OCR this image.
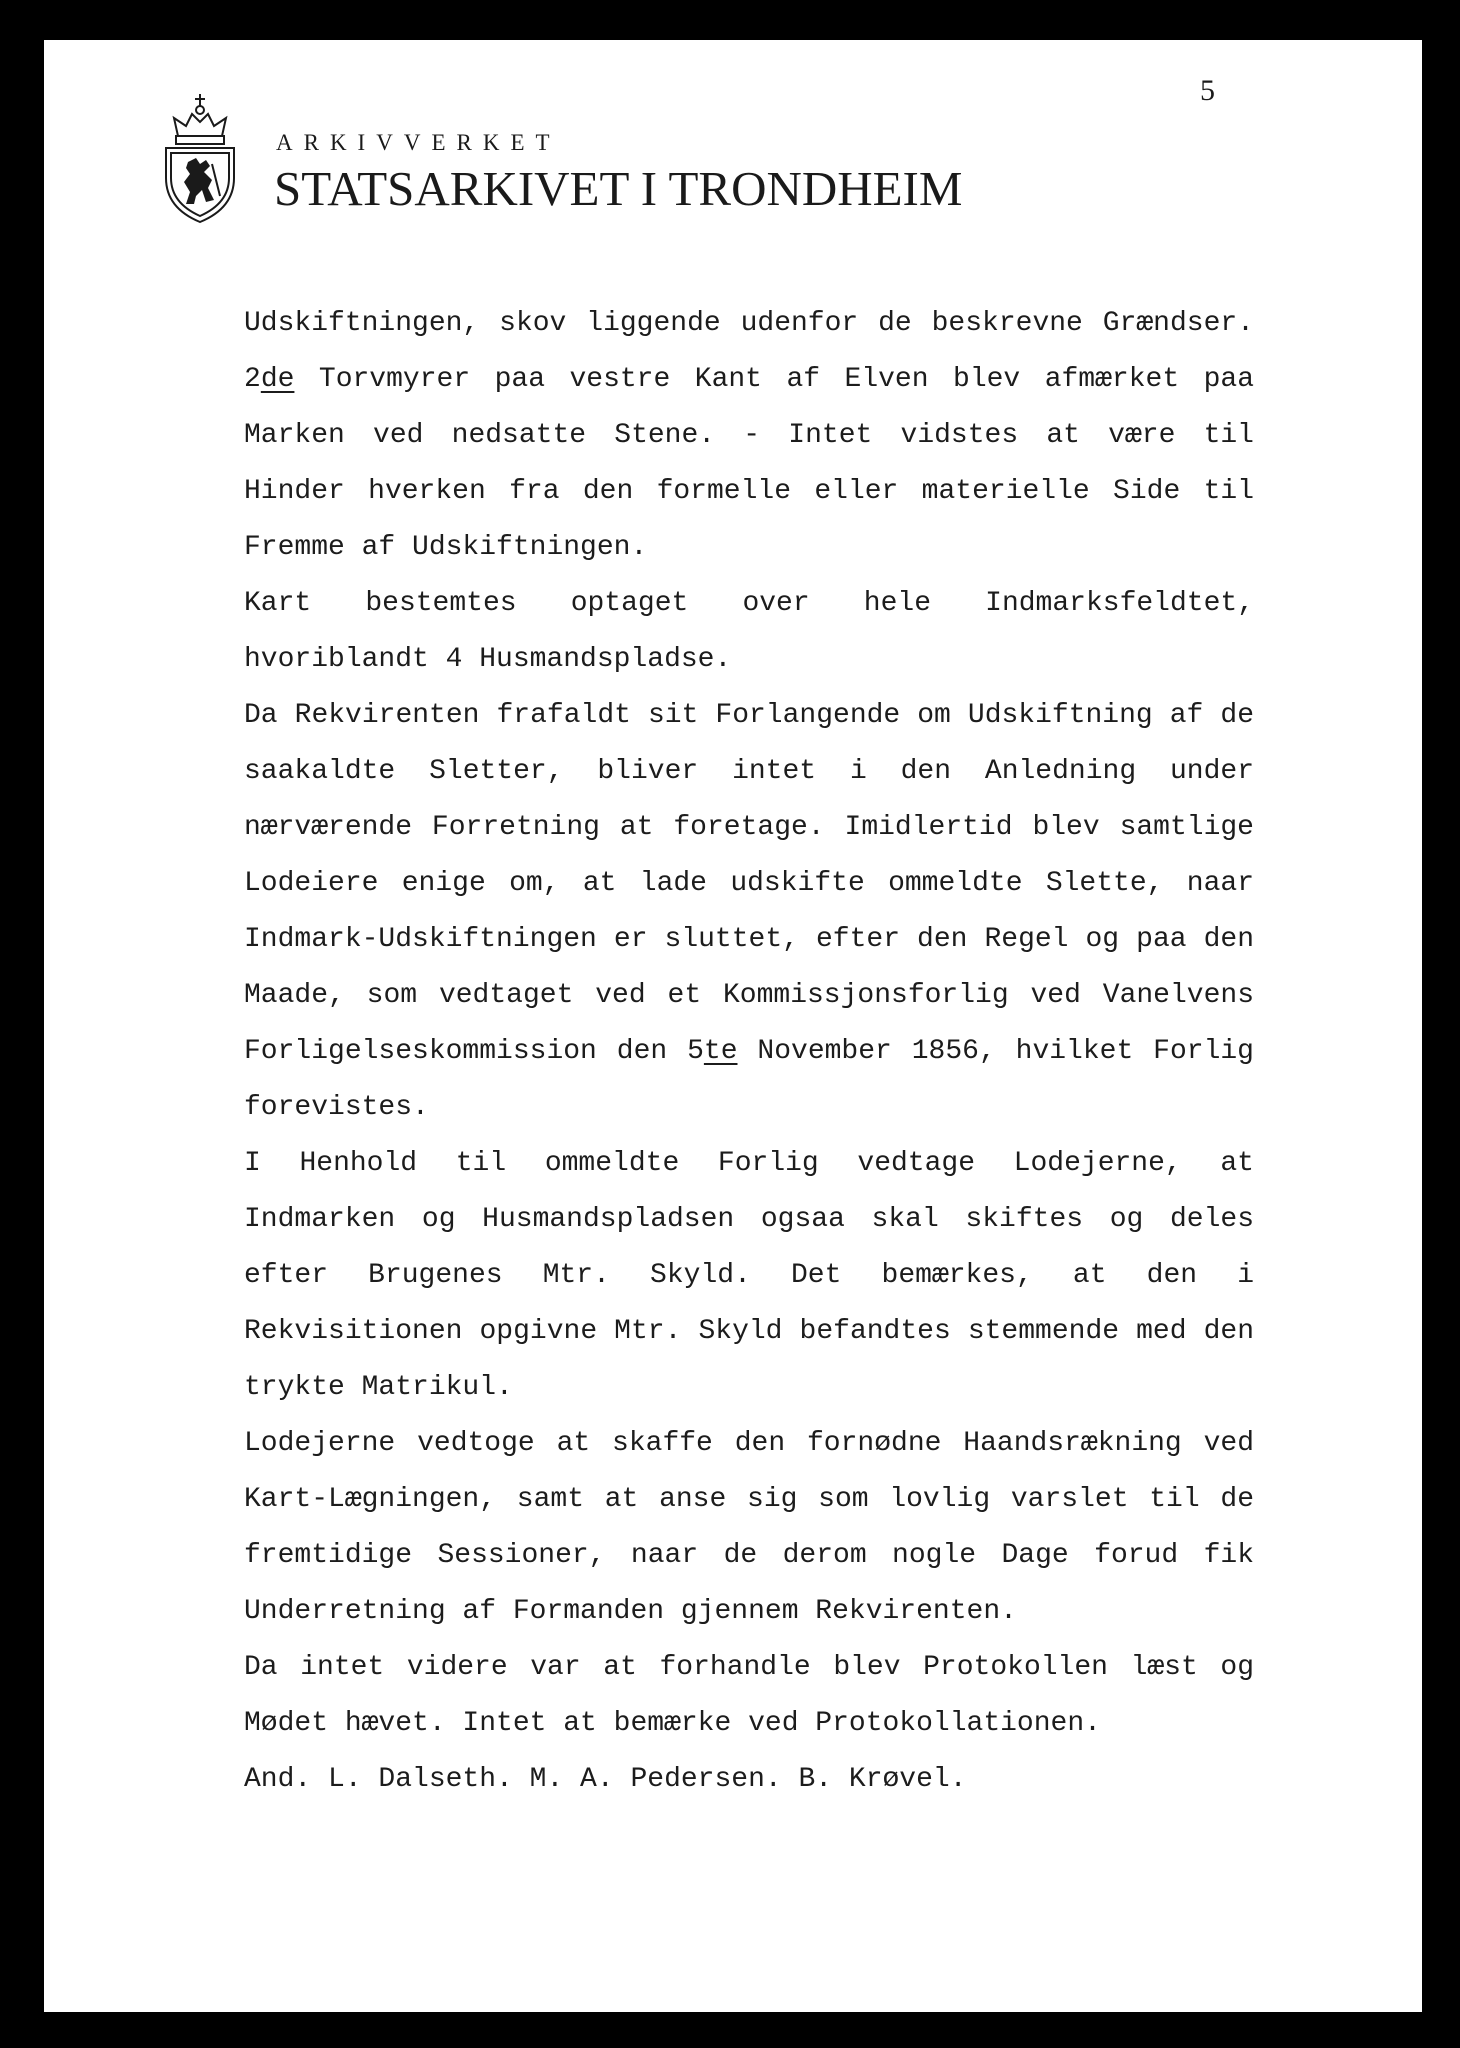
5
ARKIVVERKET
STATSARKIVET I TRONDHEIM
Udskiftningen, skov liggende udenfor de beskrevne Grændser.
2de Torvmyrer paa vestre Kant af Elven blev afmærket paa
Marken ved nedsatte Stene. - Intet vidstes at være til
Hinder hverken fra den formelle eller materielle Side til
Fremme af Udskiftningen.
Kart bestemtes optaget over hele Indmarksfeldtet,
hvoriblandt 4 Husmandspladse.
Da Rekvirenten frafaldt sit Forlangende om Udskiftning af de
saakaldte Sletter, bliver intet i den Anledning under
nærværende Forretning at foretage. Imidlertid blev samtlige
Lodeiere enige om, at lade udskifte ommeldte Slette, naar
Indmark-Udskiftningen er sluttet, efter den Regel og paa den
Maade, som vedtaget ved et Kommissjonsforlig ved Vanelvens
Forligelseskommission den 5te November 1856, hvilket Forlig
forevistes.
I Henhold til ommeldte Forlig vedtage Lodejerne, at
Indmarken og Husmandspladsen ogsaa skal skiftes og deles
efter Brugenes Mtr. Skyld. Det bemærkes, at den i
Rekvisitionen opgivne Mtr. Skyld befandtes stemmende med den
trykte Matrikul.
Lodejerne vedtoge at skaffe den fornødne Haandsrækning ved
Kart-Lægningen, samt at anse sig som lovlig varslet til de
fremtidige Sessioner, naar de derom nogle Dage forud fik
Underretning af Formanden gjennem Rekvirenten.
Da intet videre var at forhandle blev Protokollen læst og
Mødet hævet. Intet at bemærke ved Protokollationen.
And. L. Dalseth. M. A. Pedersen. B. Krøvel.
